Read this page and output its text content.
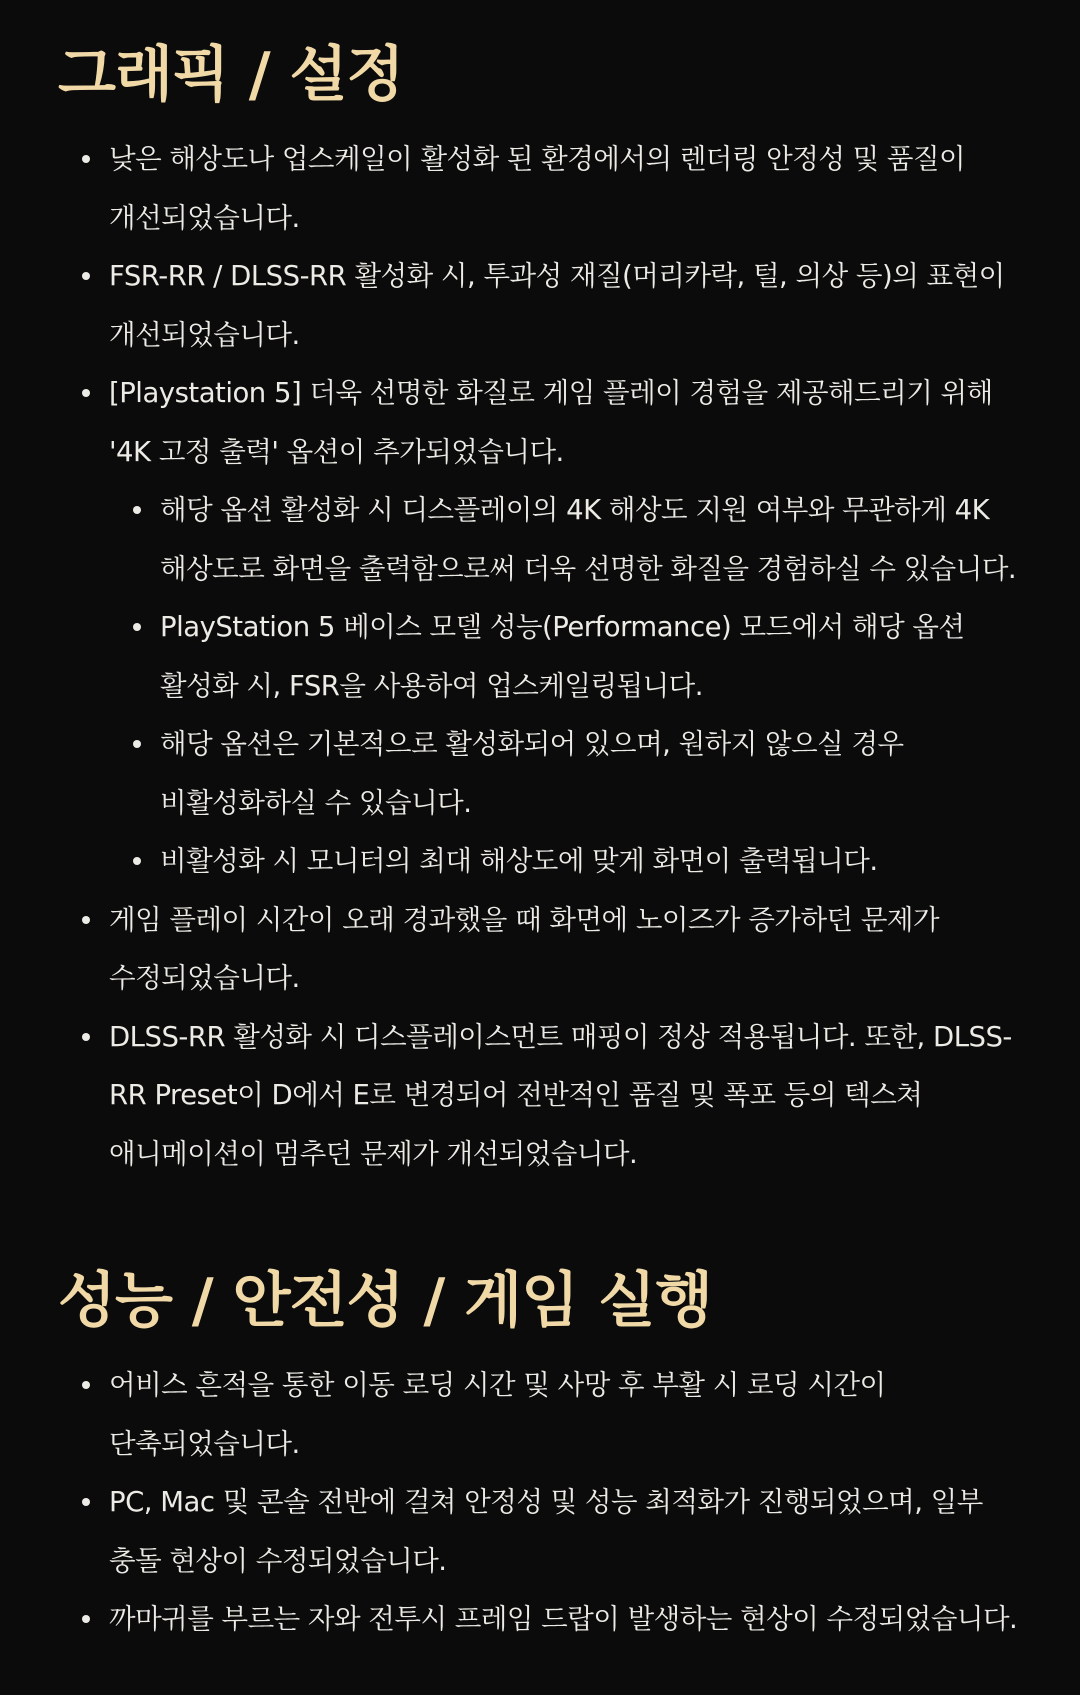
그래픽 / 설정
낮은 해상도나 업스케일이 활성화 된 환경에서의 렌더링 안정성 및 품질이
개선되었습니다.
FSR-RR / DLSS-RR 활성화 시, 투과성 재질(머리카락, 털, 의상 등)의 표현이
개선되었습니다.
[Playstation 5] 더욱 선명한 화질로 게임 플레이 경험을 제공해드리기 위해
'4K 고정 출력' 옵션이 추가되었습니다.
해당 옵션 활성화 시 디스플레이의 4K 해상도 지원 여부와 무관하게 4K
해상도로 화면을 출력함으로써 더욱 선명한 화질을 경험하실 수 있습니다.
PlayStation 5 베이스 모델 성능(Performance) 모드에서 해당 옵션
활성화 시, FSR을 사용하여 업스케일링됩니다.
해당 옵션은 기본적으로 활성화되어 있으며, 원하지 않으실 경우
비활성화하실 수 있습니다.
비활성화 시 모니터의 최대 해상도에 맞게 화면이 출력됩니다.
게임 플레이 시간이 오래 경과했을 때 화면에 노이즈가 증가하던 문제가
수정되었습니다.
DLSS-RR 활성화 시 디스플레이스먼트 매핑이 정상 적용됩니다. 또한, DLSS-
RR Preset이 D에서 E로 변경되어 전반적인 품질 및 폭포 등의 텍스쳐
애니메이션이 멈추던 문제가 개선되었습니다.
성능 / 안전성 / 게임 실행
어비스 흔적을 통한 이동 로딩 시간 및 사망 후 부활 시 로딩 시간이
단축되었습니다.
PC, Mac 및 콘솔 전반에 걸쳐 안정성 및 성능 최적화가 진행되었으며, 일부
충돌 현상이 수정되었습니다.
까마귀를 부르는 자와 전투시 프레임 드랍이 발생하는 현상이 수정되었습니다.
